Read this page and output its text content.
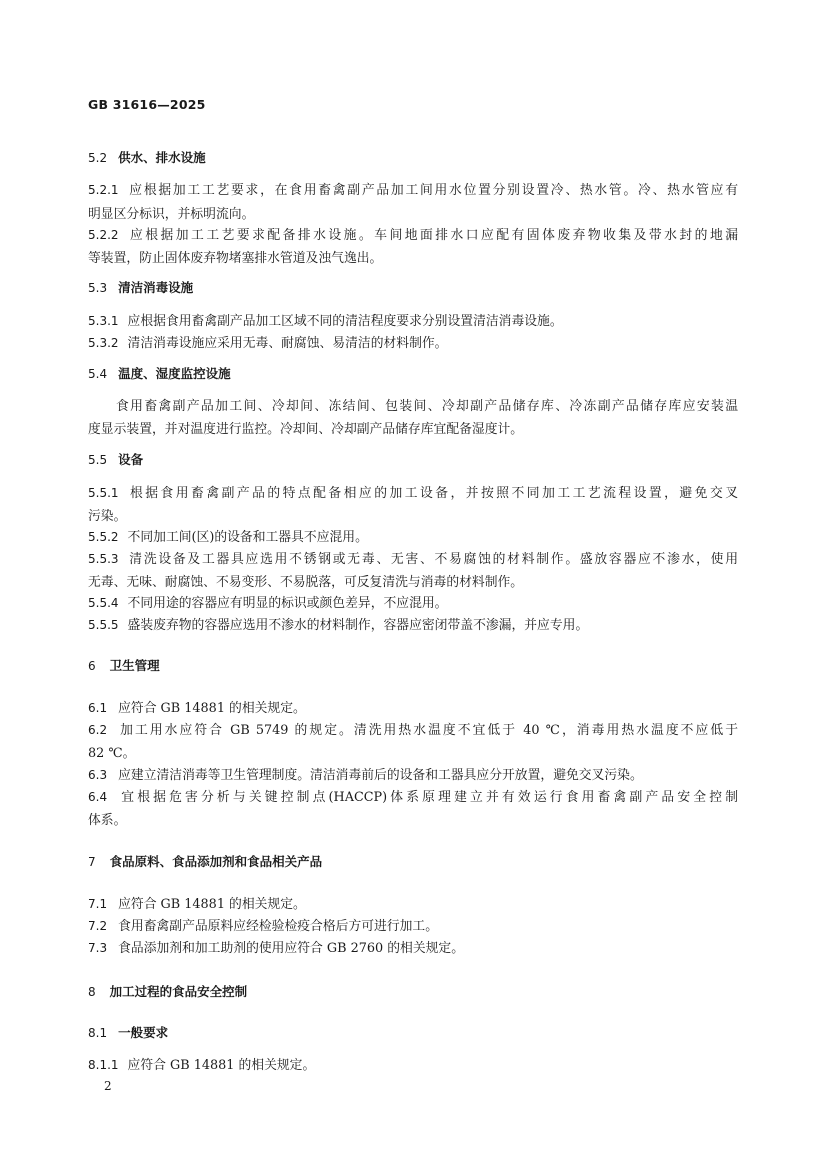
GB 31616—2025
5.2 供水、排水设施
5.2.1 应根据加工工艺要求，在食用畜禽副产品加工间用水位置分别设置冷、热水管。冷、热水管应有
明显区分标识，并标明流向。
5.2.2 应根据加工工艺要求配备排水设施。车间地面排水口应配有固体废弃物收集及带水封的地漏
等装置，防止固体废弃物堵塞排水管道及浊气逸出。
5.3 清洁消毒设施
5.3.1 应根据食用畜禽副产品加工区域不同的清洁程度要求分别设置清洁消毒设施。
5.3.2 清洁消毒设施应采用无毒、耐腐蚀、易清洁的材料制作。
5.4 温度、湿度监控设施
食用畜禽副产品加工间、冷却间、冻结间、包装间、冷却副产品储存库、冷冻副产品储存库应安装温
度显示装置，并对温度进行监控。冷却间、冷却副产品储存库宜配备湿度计。
5.5 设备
5.5.1 根据食用畜禽副产品的特点配备相应的加工设备，并按照不同加工工艺流程设置，避免交叉
污染。
5.5.2 不同加工间(区)的设备和工器具不应混用。
5.5.3 清洗设备及工器具应选用不锈钢或无毒、无害、不易腐蚀的材料制作。盛放容器应不渗水，使用
无毒、无味、耐腐蚀、不易变形、不易脱落，可反复清洗与消毒的材料制作。
5.5.4 不同用途的容器应有明显的标识或颜色差异，不应混用。
5.5.5 盛装废弃物的容器应选用不渗水的材料制作，容器应密闭带盖不渗漏，并应专用。
6 卫生管理
6.1 应符合 GB 14881 的相关规定。
6.2 加工用水应符合 GB 5749 的规定。清洗用热水温度不宜低于 40 ℃，消毒用热水温度不应低于
82 ℃。
6.3 应建立清洁消毒等卫生管理制度。清洁消毒前后的设备和工器具应分开放置，避免交叉污染。
6.4 宜根据危害分析与关键控制点(HACCP)体系原理建立并有效运行食用畜禽副产品安全控制
体系。
7 食品原料、食品添加剂和食品相关产品
7.1 应符合 GB 14881 的相关规定。
7.2 食用畜禽副产品原料应经检验检疫合格后方可进行加工。
7.3 食品添加剂和加工助剂的使用应符合 GB 2760 的相关规定。
8 加工过程的食品安全控制
8.1 一般要求
8.1.1 应符合 GB 14881 的相关规定。
2
